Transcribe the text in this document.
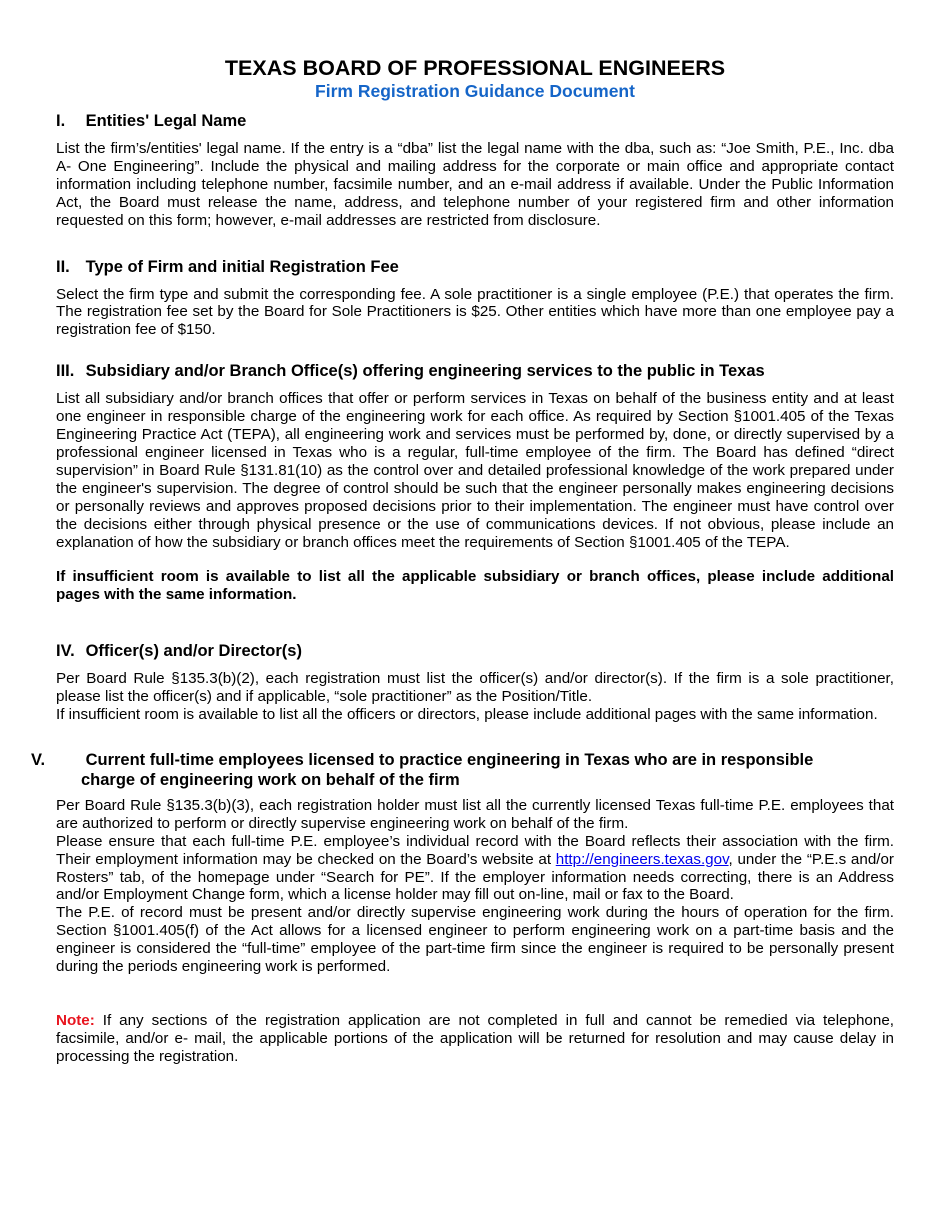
TEXAS BOARD OF PROFESSIONAL ENGINEERS
Firm Registration Guidance Document
I. Entities' Legal Name

List the firm’s/entities' legal name. If the entry is a “dba” list the legal name with the dba, such as: “Joe Smith, P.E., Inc. dba A- One Engineering”. Include the physical and mailing address for the corporate or main office and appropriate contact information including telephone number, facsimile number, and an e-mail address if available. Under the Public Information Act, the Board must release the name, address, and telephone number of your registered firm and other information requested on this form; however, e-mail addresses are restricted from disclosure.

II. Type of Firm and initial Registration Fee

Select the firm type and submit the corresponding fee. A sole practitioner is a single employee (P.E.) that operates the firm. The registration fee set by the Board for Sole Practitioners is $25. Other entities which have more than one employee pay a registration fee of $150.

III. Subsidiary and/or Branch Office(s) offering engineering services to the public in Texas

List all subsidiary and/or branch offices that offer or perform services in Texas on behalf of the business entity and at least one engineer in responsible charge of the engineering work for each office. As required by Section §1001.405 of the Texas Engineering Practice Act (TEPA), all engineering work and services must be performed by, done, or directly supervised by a professional engineer licensed in Texas who is a regular, full-time employee of the firm. The Board has defined “direct supervision” in Board Rule §131.81(10) as the control over and detailed professional knowledge of the work prepared under the engineer's supervision. The degree of control should be such that the engineer personally makes engineering decisions or personally reviews and approves proposed decisions prior to their implementation. The engineer must have control over the decisions either through physical presence or the use of communications devices. If not obvious, please include an explanation of how the subsidiary or branch offices meet the requirements of Section §1001.405 of the TEPA.

If insufficient room is available to list all the applicable subsidiary or branch offices, please include additional pages with the same information.

IV. Officer(s) and/or Director(s)

Per Board Rule §135.3(b)(2), each registration must list the officer(s) and/or director(s). If the firm is a sole practitioner, please list the officer(s) and if applicable, “sole practitioner” as the Position/Title.

If insufficient room is available to list all the officers or directors, please include additional pages with the same information.

V. Current full-time employees licensed to practice engineering in Texas who are in responsible charge of engineering work on behalf of the firm

Per Board Rule §135.3(b)(3), each registration holder must list all the currently licensed Texas full-time P.E. employees that are authorized to perform or directly supervise engineering work on behalf of the firm.

Please ensure that each full-time P.E. employee’s individual record with the Board reflects their association with the firm. Their employment information may be checked on the Board’s website at http://engineers.texas.gov, under the “P.E.s and/or Rosters” tab, of the homepage under “Search for PE”. If the employer information needs correcting, there is an Address and/or Employment Change form, which a license holder may fill out on-line, mail or fax to the Board.

The P.E. of record must be present and/or directly supervise engineering work during the hours of operation for the firm. Section §1001.405(f) of the Act allows for a licensed engineer to perform engineering work on a part-time basis and the engineer is considered the “full-time” employee of the part-time firm since the engineer is required to be personally present during the periods engineering work is performed.

Note: If any sections of the registration application are not completed in full and cannot be remedied via telephone, facsimile, and/or e- mail, the applicable portions of the application will be returned for resolution and may cause delay in processing the registration.
